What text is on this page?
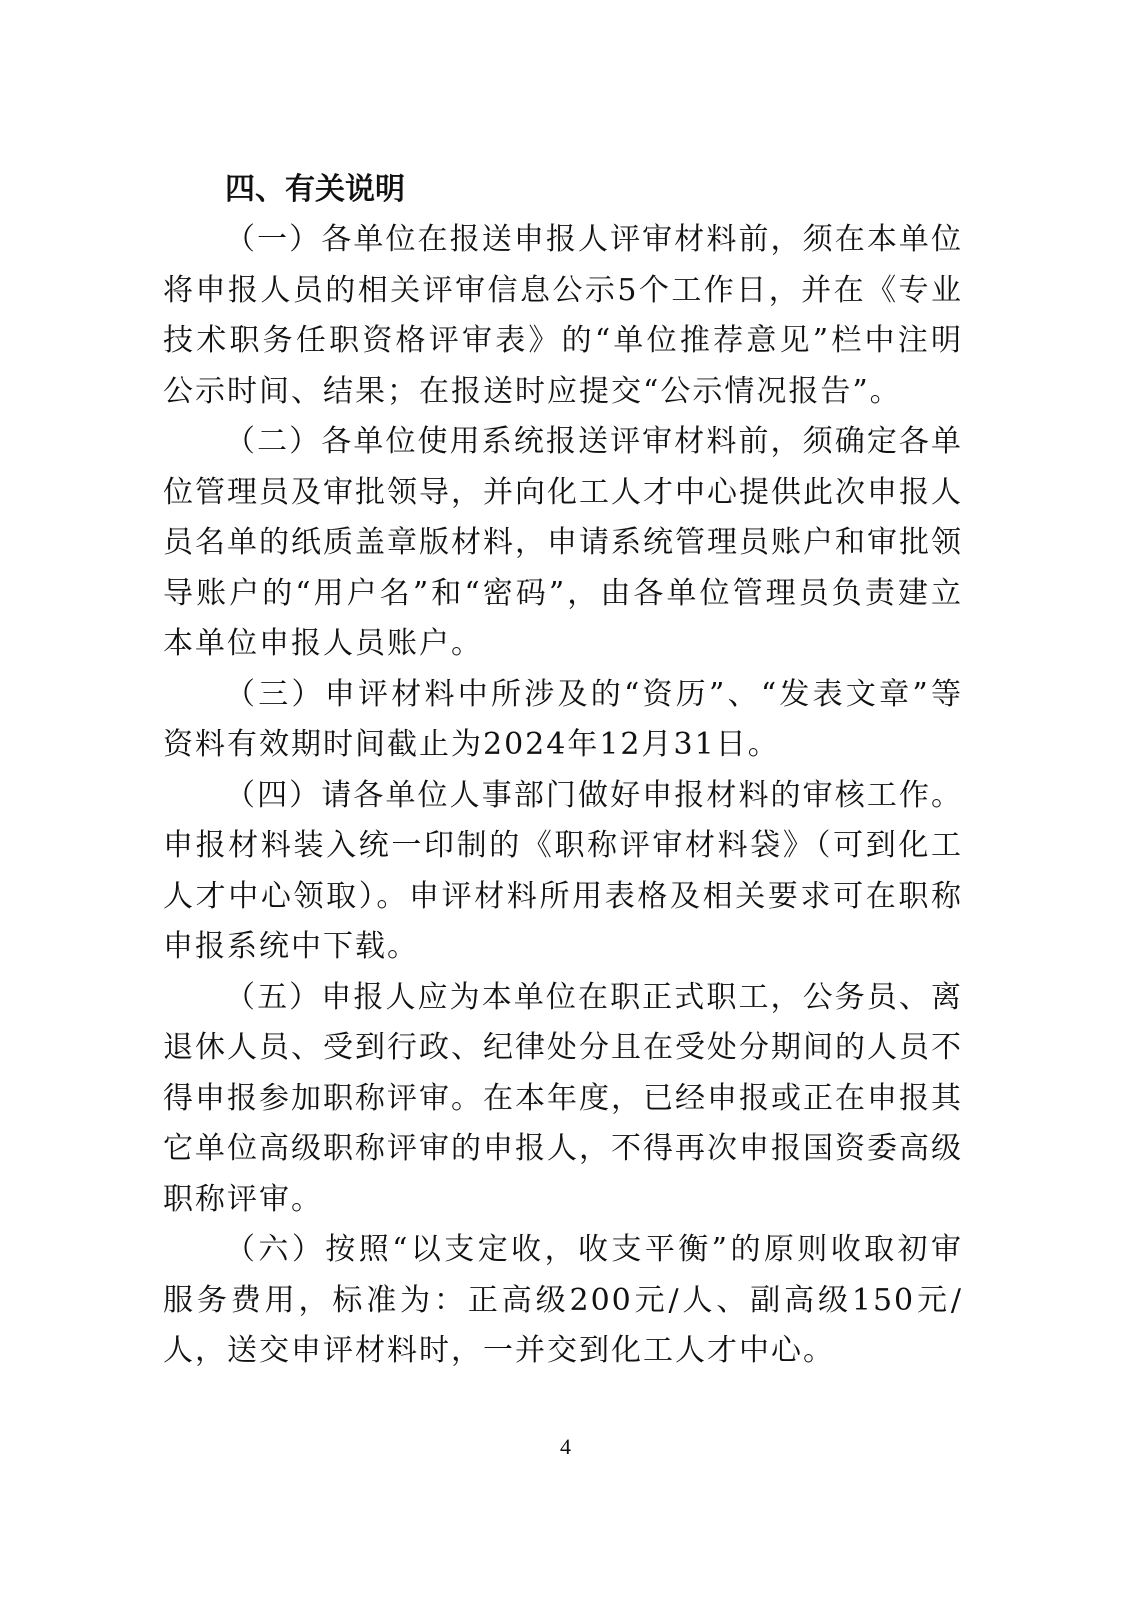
四、有关说明

（一）各单位在报送申报人评审材料前，须在本单位将申报人员的相关评审信息公示5个工作日，并在《专业技术职务任职资格评审表》的“单位推荐意见”栏中注明公示时间、结果；在报送时应提交“公示情况报告”。

（二）各单位使用系统报送评审材料前，须确定各单位管理员及审批领导，并向化工人才中心提供此次申报人员名单的纸质盖章版材料，申请系统管理员账户和审批领导账户的“用户名”和“密码”，由各单位管理员负责建立本单位申报人员账户。

（三）申评材料中所涉及的“资历”、“发表文章”等资料有效期时间截止为2024年12月31日。

（四）请各单位人事部门做好申报材料的审核工作。申报材料装入统一印制的《职称评审材料袋》（可到化工人才中心领取）。申评材料所用表格及相关要求可在职称申报系统中下载。

（五）申报人应为本单位在职正式职工，公务员、离退休人员、受到行政、纪律处分且在受处分期间的人员不得申报参加职称评审。在本年度，已经申报或正在申报其它单位高级职称评审的申报人，不得再次申报国资委高级职称评审。

（六）按照“以支定收，收支平衡”的原则收取初审服务费用，标准为：正高级200元/人、副高级150元/人，送交申评材料时，一并交到化工人才中心。

4
